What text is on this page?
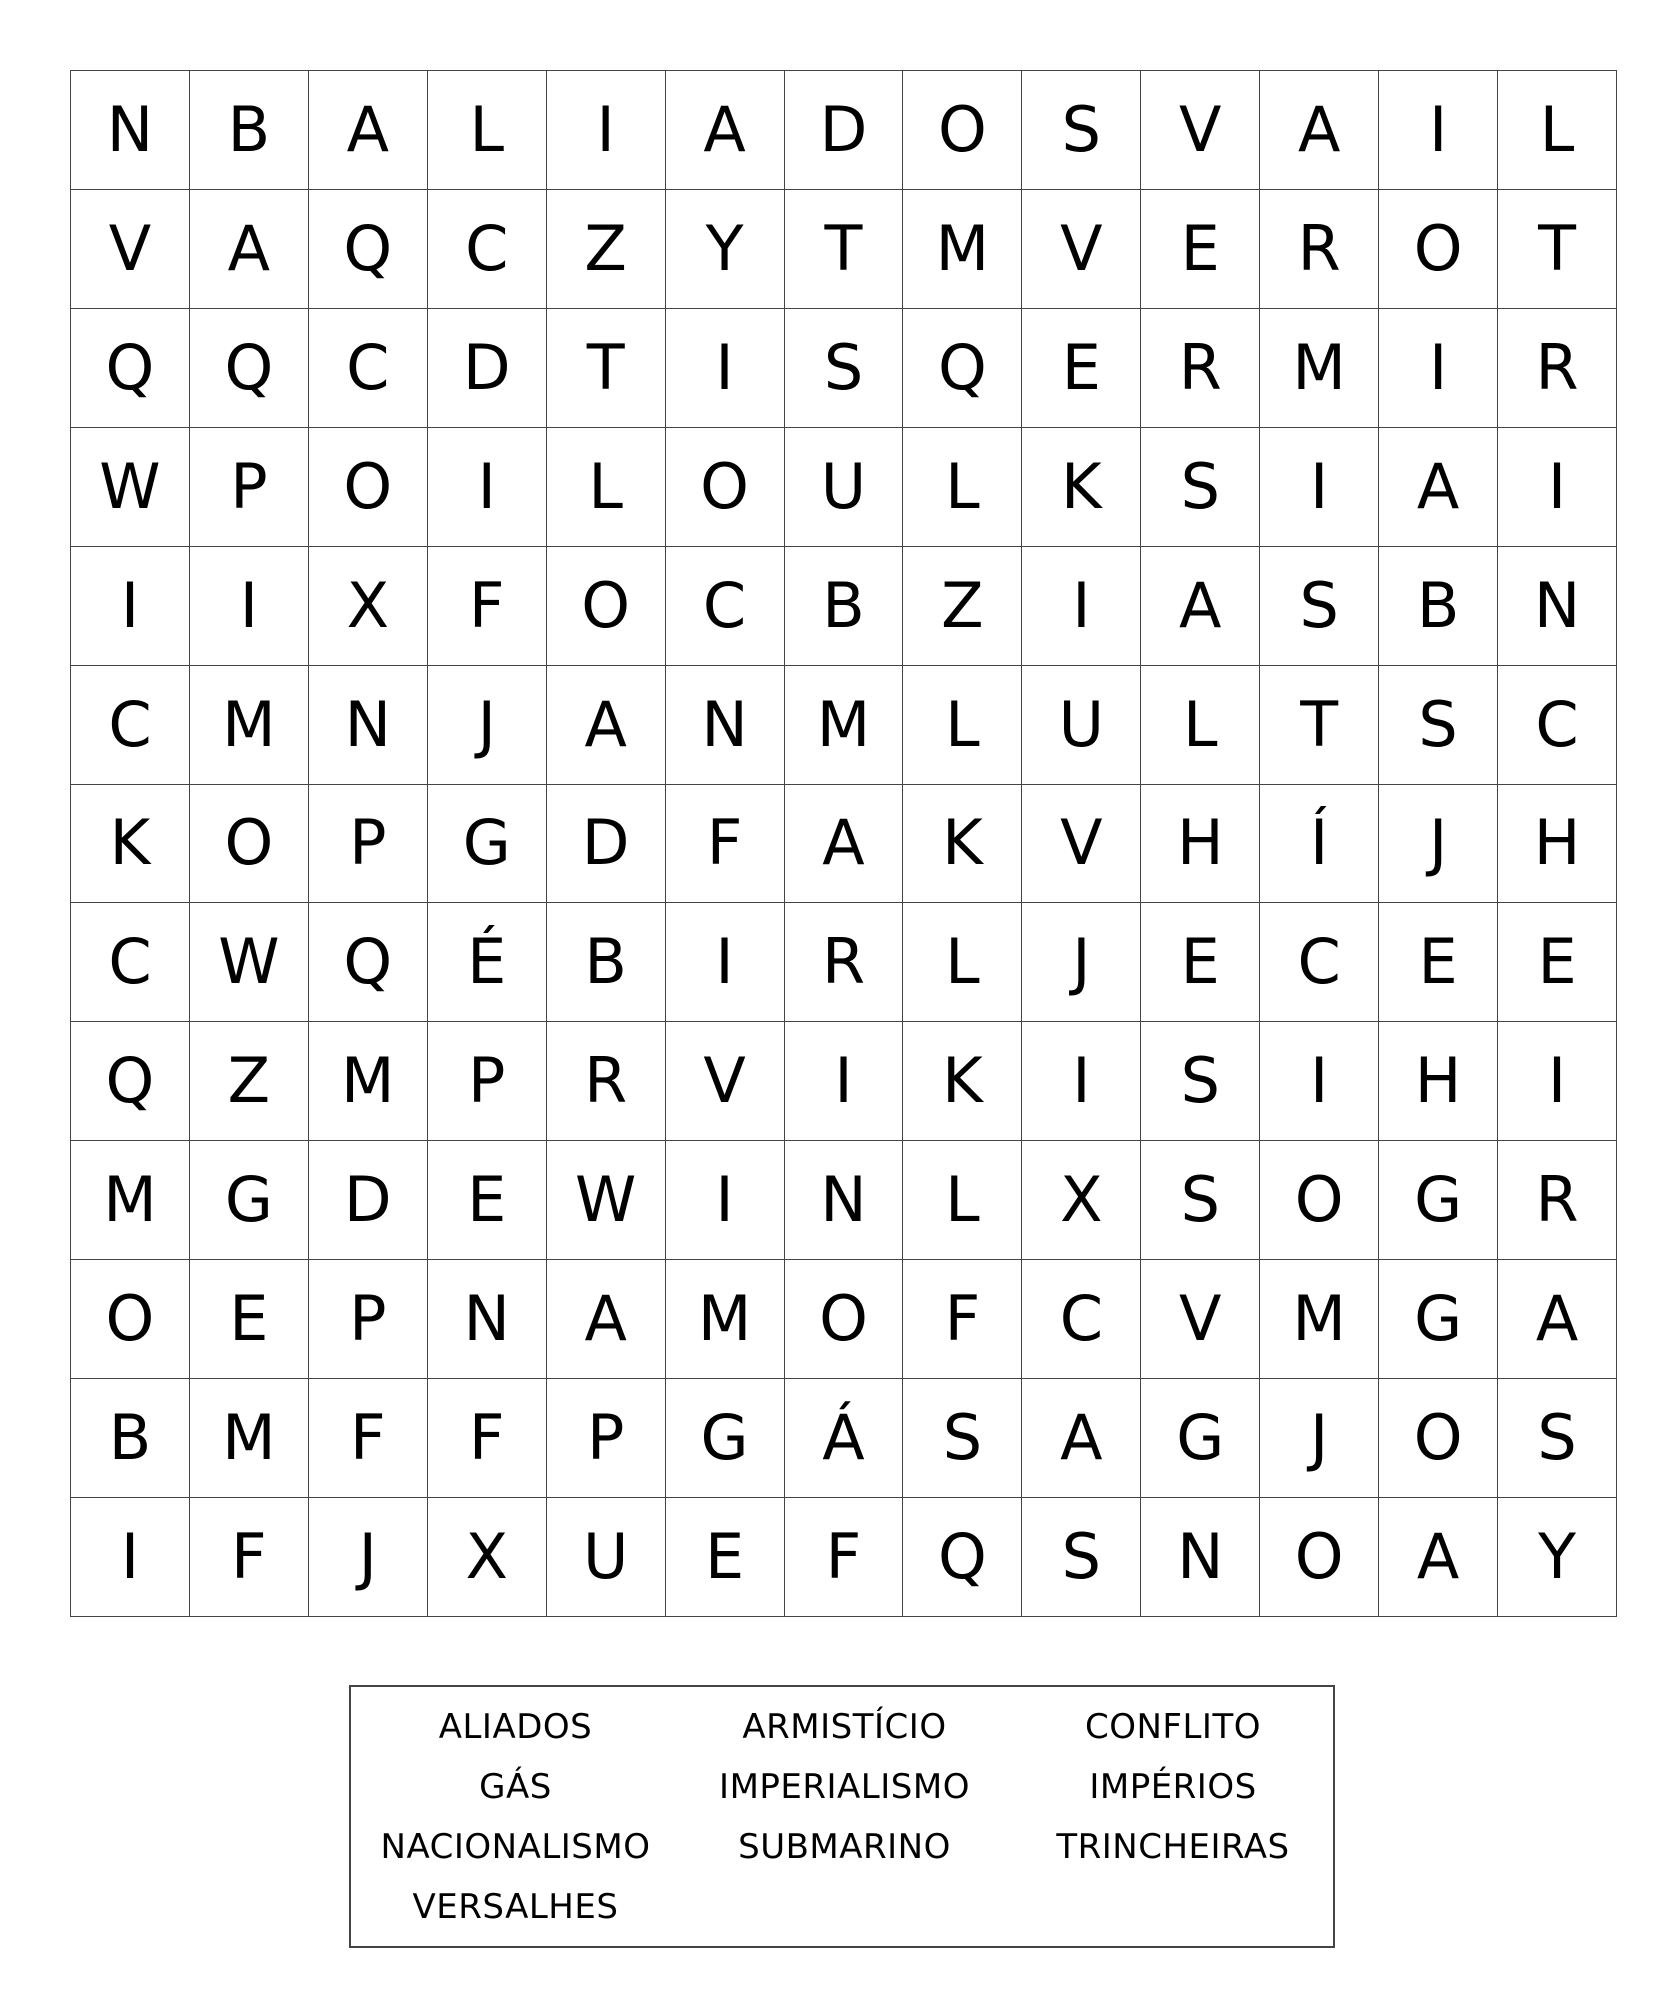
N	B	A	L	I	A	D	O	S	V	A	I	L
V	A	Q	C	Z	Y	T	M	V	E	R	O	T
Q	Q	C	D	T	I	S	Q	E	R	M	I	R
W	P	O	I	L	O	U	L	K	S	I	A	I
I	I	X	F	O	C	B	Z	I	A	S	B	N
C	M	N	J	A	N	M	L	U	L	T	S	C
K	O	P	G	D	F	A	K	V	H	Í	J	H
C	W	Q	É	B	I	R	L	J	E	C	E	E
Q	Z	M	P	R	V	I	K	I	S	I	H	I
M	G	D	E	W	I	N	L	X	S	O	G	R
O	E	P	N	A	M	O	F	C	V	M	G	A
B	M	F	F	P	G	Á	S	A	G	J	O	S
I	F	J	X	U	E	F	Q	S	N	O	A	Y
ALIADOS	ARMISTÍCIO	CONFLITO
GÁS	IMPERIALISMO	IMPÉRIOS
NACIONALISMO	SUBMARINO	TRINCHEIRAS
VERSALHES
